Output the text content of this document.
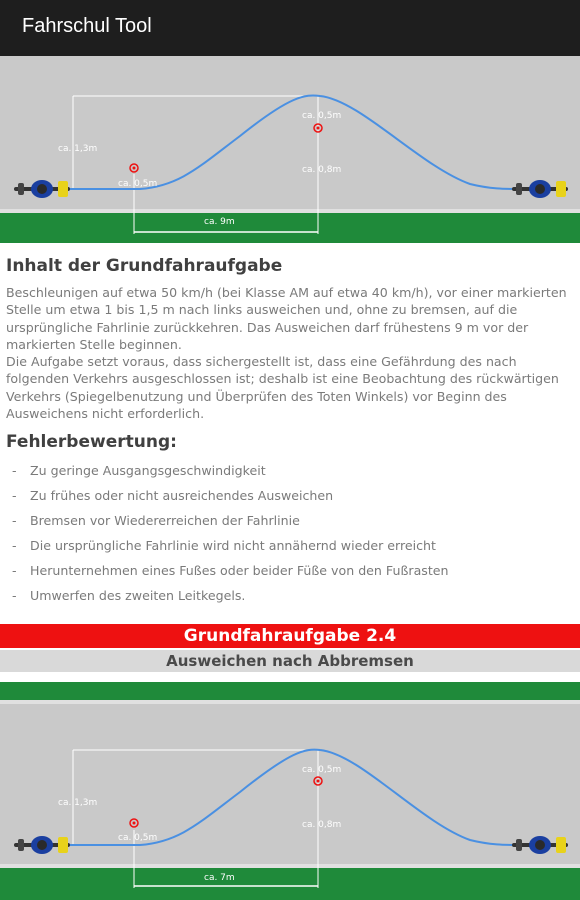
Fahrschul Tool
ca. 1,3m
ca. 0,5m
ca. 0,5m
ca. 0,8m
ca. 9m
Inhalt der Grundfahraufgabe

Beschleunigen auf etwa 50 km/h (bei Klasse AM auf etwa 40 km/h), vor einer markierten Stelle um etwa 1 bis 1,5 m nach links ausweichen und, ohne zu bremsen, auf die ursprüngliche Fahrlinie zurückkehren. Das Ausweichen darf frühestens 9 m vor der markierten Stelle beginnen.

Die Aufgabe setzt voraus, dass sichergestellt ist, dass eine Gefährdung des nach folgenden Verkehrs ausgeschlossen ist; deshalb ist eine Beobachtung des rückwärtigen Verkehrs (Spiegelbenutzung und Überprüfen des Toten Winkels) vor Beginn des Ausweichens nicht erforderlich.

Fehlerbewertung:
- Zu geringe Ausgangsgeschwindigkeit
- Zu frühes oder nicht ausreichendes Ausweichen
- Bremsen vor Wiedererreichen der Fahrlinie
- Die ursprüngliche Fahrlinie wird nicht annähernd wieder erreicht
- Herunternehmen eines Fußes oder beider Füße von den Fußrasten
- Umwerfen des zweiten Leitkegels.
Grundfahraufgabe 2.4
Ausweichen nach Abbremsen
ca. 1,3m
ca. 0,5m
ca. 0,5m
ca. 0,8m
ca. 7m
